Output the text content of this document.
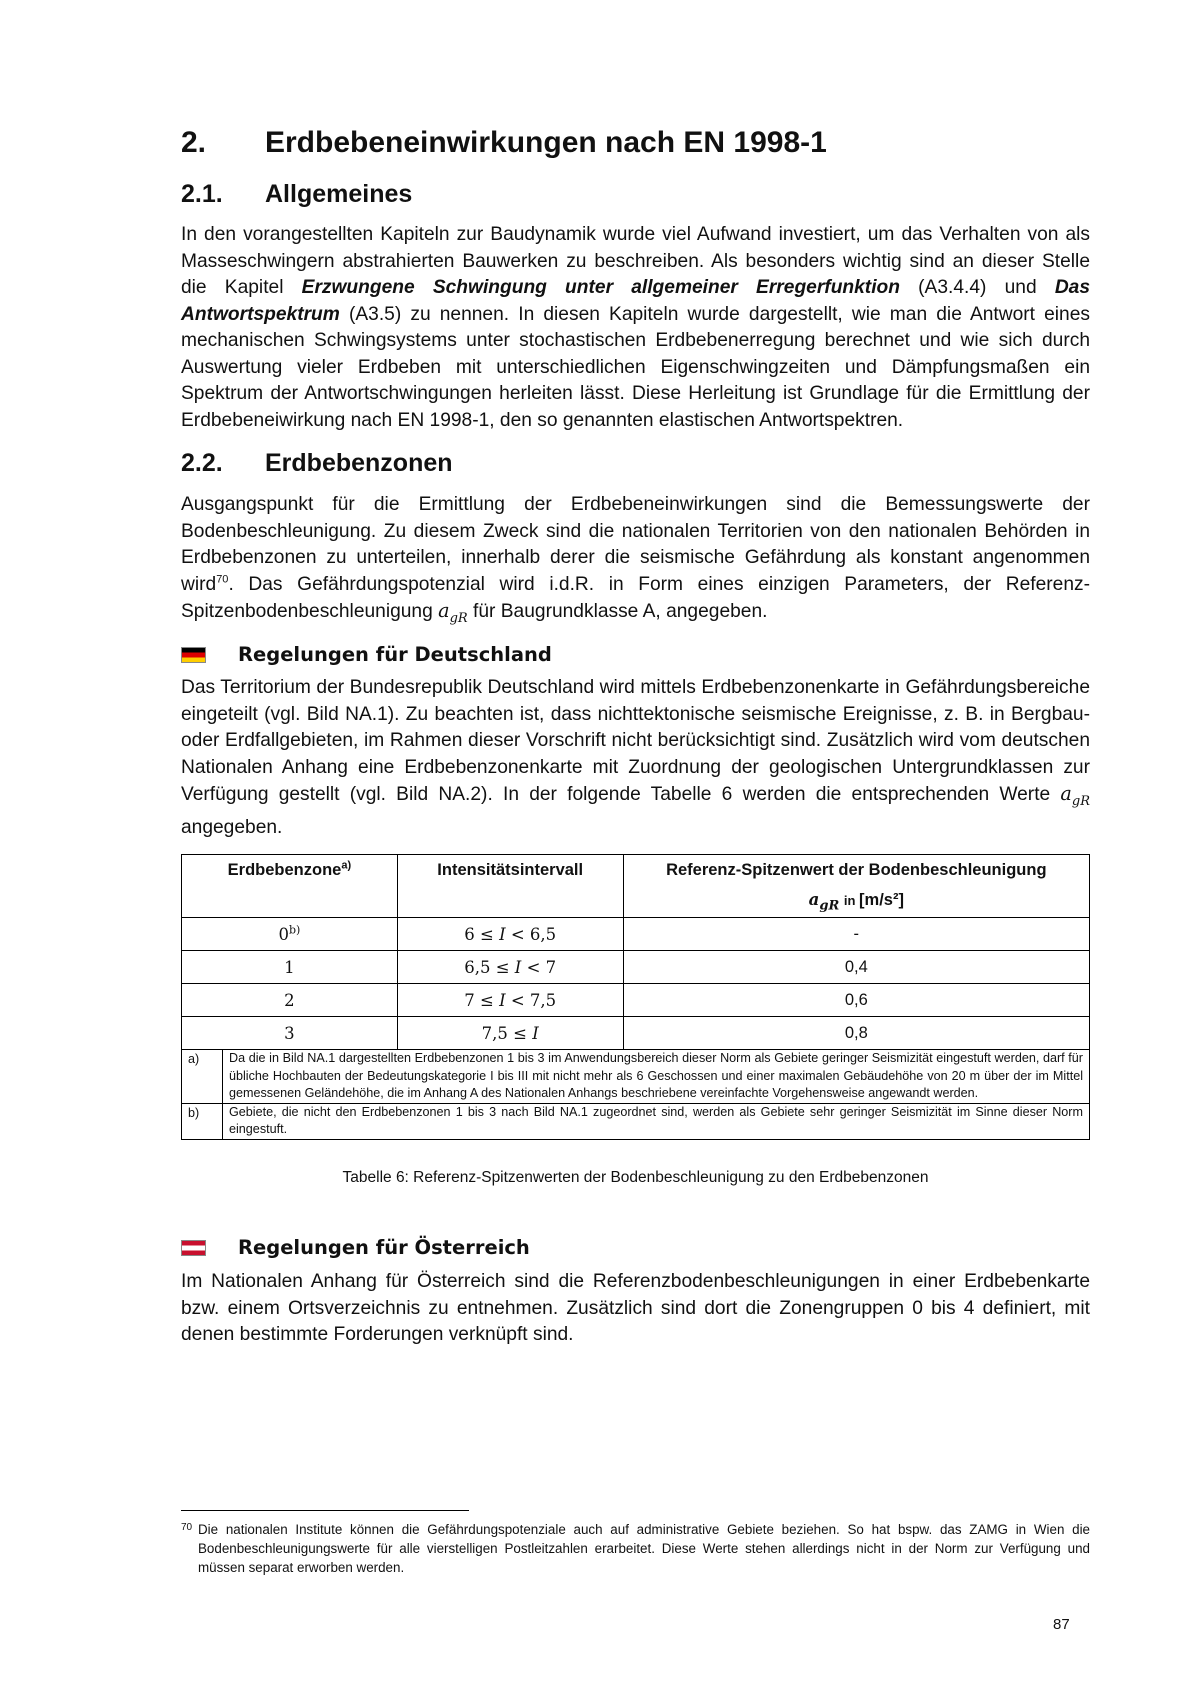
2. Erdbebeneinwirkungen nach EN 1998-1
2.1. Allgemeines

In den vorangestellten Kapiteln zur Baudynamik wurde viel Aufwand investiert, um das Verhalten von als Masseschwingern abstrahierten Bauwerken zu beschreiben. Als besonders wichtig sind an dieser Stelle die Kapitel Erzwungene Schwingung unter allgemeiner Erregerfunktion (A3.4.4) und Das Antwortspektrum (A3.5) zu nennen. In diesen Kapiteln wurde dargestellt, wie man die Antwort eines mechanischen Schwingsystems unter stochastischen Erdbebenerregung berechnet und wie sich durch Auswertung vieler Erdbeben mit unterschiedlichen Eigenschwingzeiten und Dämpfungsmaßen ein Spektrum der Antwortschwingungen herleiten lässt. Diese Herleitung ist Grundlage für die Ermittlung der Erdbebeneiwirkung nach EN 1998-1, den so genannten elastischen Antwortspektren.

2.2. Erdbebenzonen

Ausgangspunkt für die Ermittlung der Erdbebeneinwirkungen sind die Bemessungswerte der Bodenbeschleunigung. Zu diesem Zweck sind die nationalen Territorien von den nationalen Behörden in Erdbebenzonen zu unterteilen, innerhalb derer die seismische Gefährdung als konstant angenommen wird$^{70}$. Das Gefährdungspotenzial wird i.d.R. in Form eines einzigen Parameters, der Referenz-Spitzenbodenbeschleunigung $a_{gR}$ für Baugrundklasse A, angegeben.

Regelungen für Deutschland

Das Territorium der Bundesrepublik Deutschland wird mittels Erdbebenzonenkarte in Gefährdungsbereiche eingeteilt (vgl. Bild NA.1). Zu beachten ist, dass nichttektonische seismische Ereignisse, z. B. in Bergbau- oder Erdfallgebieten, im Rahmen dieser Vorschrift nicht berücksichtigt sind. Zusätzlich wird vom deutschen Nationalen Anhang eine Erdbebenzonenkarte mit Zuordnung der geologischen Untergrundklassen zur Verfügung gestellt (vgl. Bild NA.2). In der folgende Tabelle 6 werden die entsprechenden Werte $a_{gR}$ angegeben.

Erdbebenzone$^{a)}$	Intensitätsintervall	Referenz-Spitzenwert der Bodenbeschleunigung
$a_{gR}$ in [m/s²]

0$^{b)}$	6 ≤ I < 6,5	-
1	6,5 ≤ I < 7	0,4
2	7 ≤ I < 7,5	0,6
3	7,5 ≤ I	0,8
a)	Da die in Bild NA.1 dargestellten Erdbebenzonen 1 bis 3 im Anwendungsbereich dieser Norm als Gebiete geringer Seismizität eingestuft werden, darf für übliche Hochbauten der Bedeutungskategorie I bis III mit nicht mehr als 6 Geschossen und einer maximalen Gebäudehöhe von 20 m über der im Mittel gemessenen Geländehöhe, die im Anhang A des Nationalen Anhangs beschriebene vereinfachte Vorgehensweise angewandt werden.
b)	Gebiete, die nicht den Erdbebenzonen 1 bis 3 nach Bild NA.1 zugeordnet sind, werden als Gebiete sehr geringer Seismizität im Sinne dieser Norm eingestuft.
Tabelle 6: Referenz-Spitzenwerten der Bodenbeschleunigung zu den Erdbebenzonen
Regelungen für Österreich

Im Nationalen Anhang für Österreich sind die Referenzbodenbeschleunigungen in einer Erdbebenkarte bzw. einem Ortsverzeichnis zu entnehmen. Zusätzlich sind dort die Zonengruppen 0 bis 4 definiert, mit denen bestimmte Forderungen verknüpft sind.

70 Die nationalen Institute können die Gefährdungspotenziale auch auf administrative Gebiete beziehen. So hat bspw. das ZAMG in Wien die Bodenbeschleunigungswerte für alle vierstelligen Postleitzahlen erarbeitet. Diese Werte stehen allerdings nicht in der Norm zur Verfügung und müssen separat erworben werden.
87
